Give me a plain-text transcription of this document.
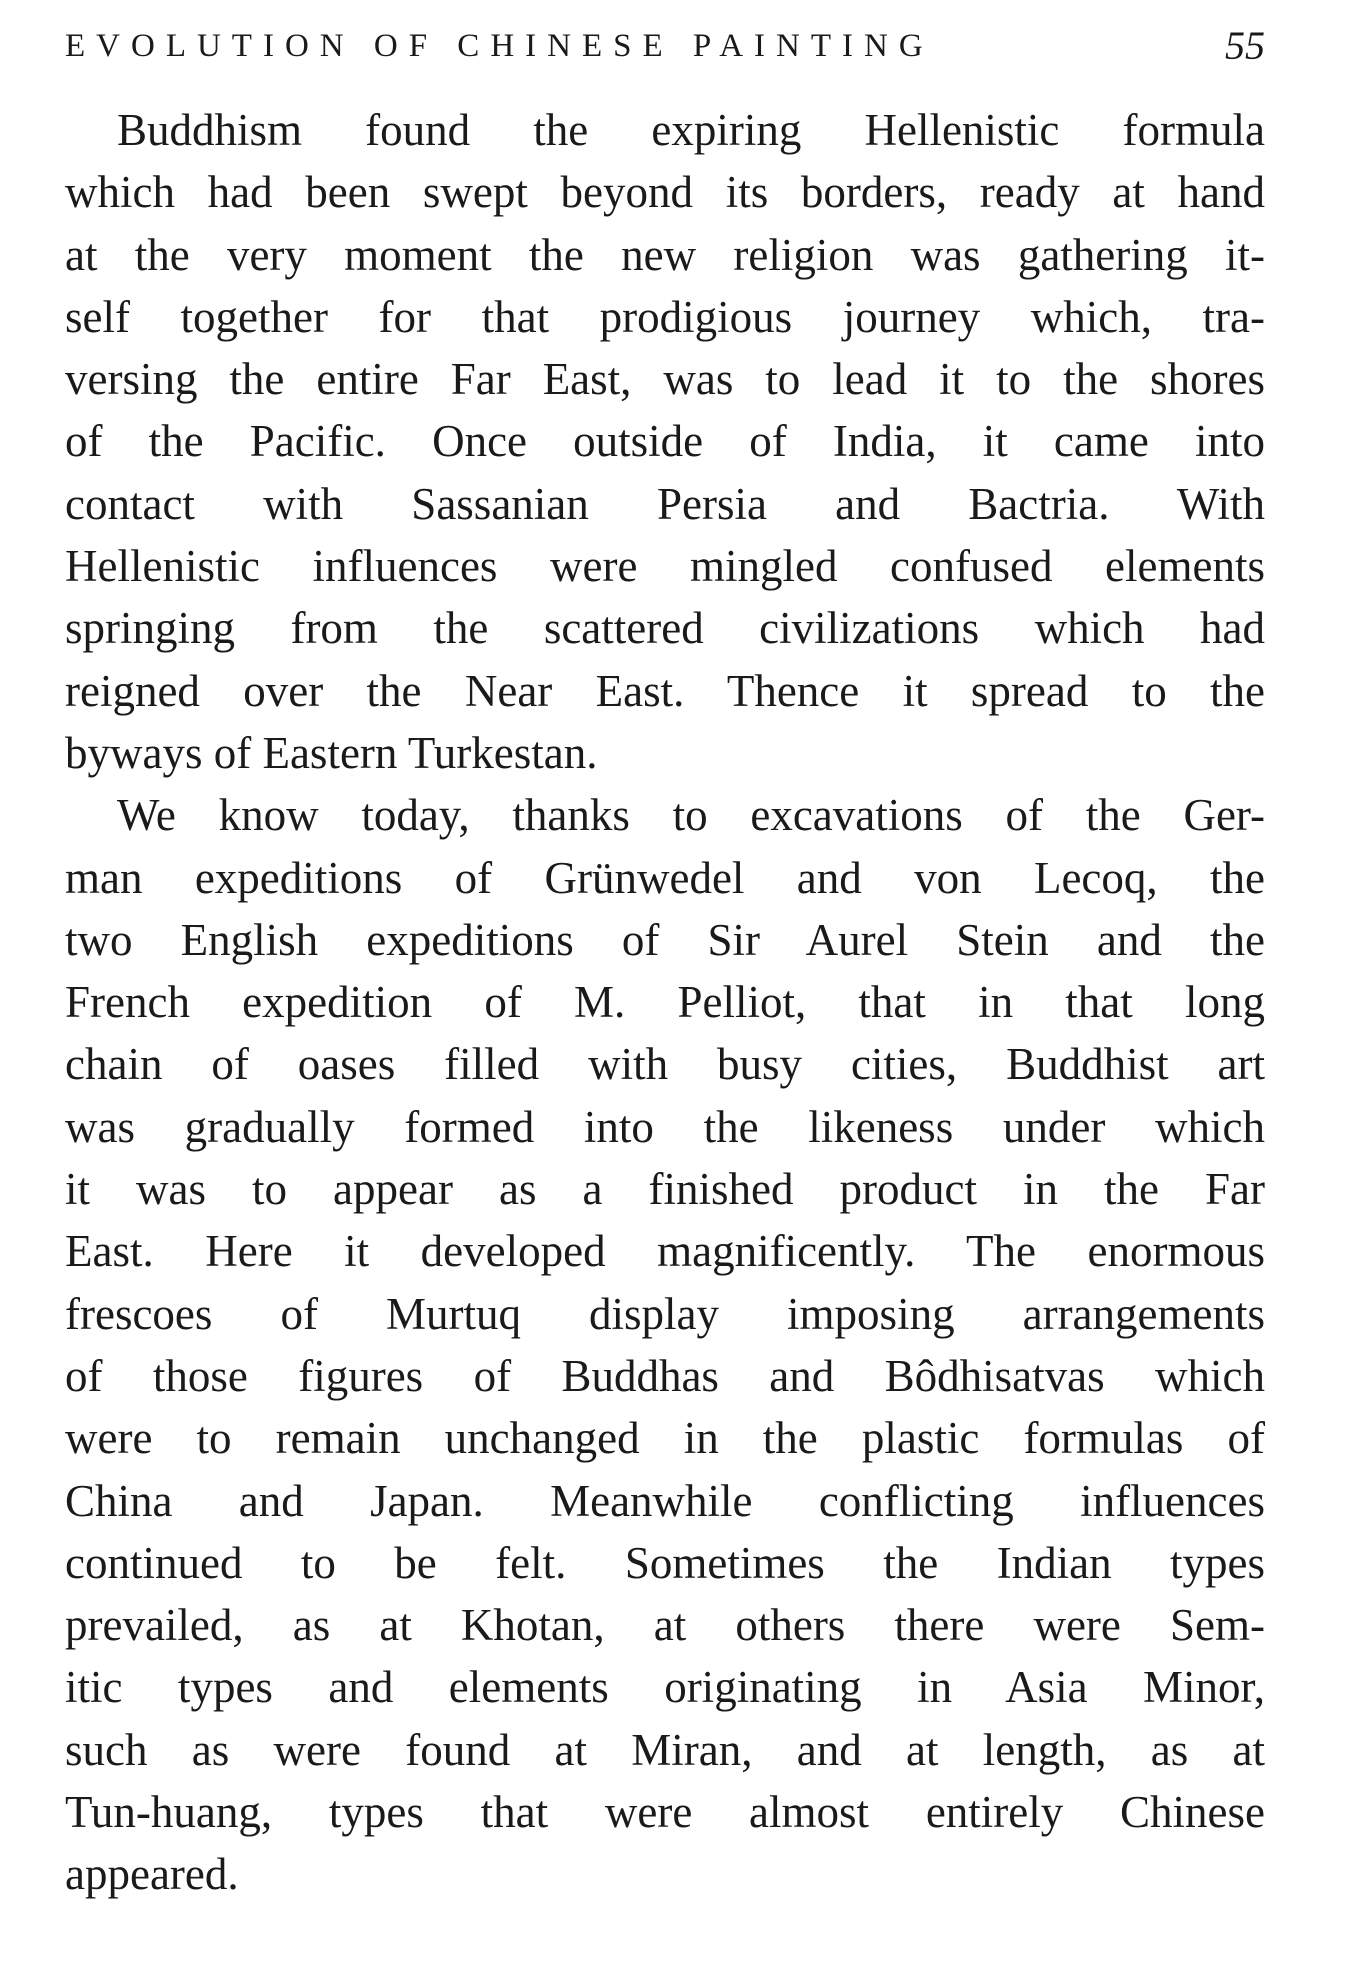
EVOLUTION OF CHINESE PAINTING	55
Buddhism found the expiring Hellenistic formula
which had been swept beyond its borders, ready at hand
at the very moment the new religion was gathering it-
self together for that prodigious journey which, tra-
versing the entire Far East, was to lead it to the shores
of the Pacific. Once outside of India, it came into
contact with Sassanian Persia and Bactria. With
Hellenistic influences were mingled confused elements
springing from the scattered civilizations which had
reigned over the Near East. Thence it spread to the
byways of Eastern Turkestan.
We know today, thanks to excavations of the Ger-
man expeditions of Grünwedel and von Lecoq, the
two English expeditions of Sir Aurel Stein and the
French expedition of M. Pelliot, that in that long
chain of oases filled with busy cities, Buddhist art
was gradually formed into the likeness under which
it was to appear as a finished product in the Far
East. Here it developed magnificently. The enormous
frescoes of Murtuq display imposing arrangements
of those figures of Buddhas and Bôdhisatvas which
were to remain unchanged in the plastic formulas of
China and Japan. Meanwhile conflicting influences
continued to be felt. Sometimes the Indian types
prevailed, as at Khotan, at others there were Sem-
itic types and elements originating in Asia Minor,
such as were found at Miran, and at length, as at
Tun-huang, types that were almost entirely Chinese
appeared.
